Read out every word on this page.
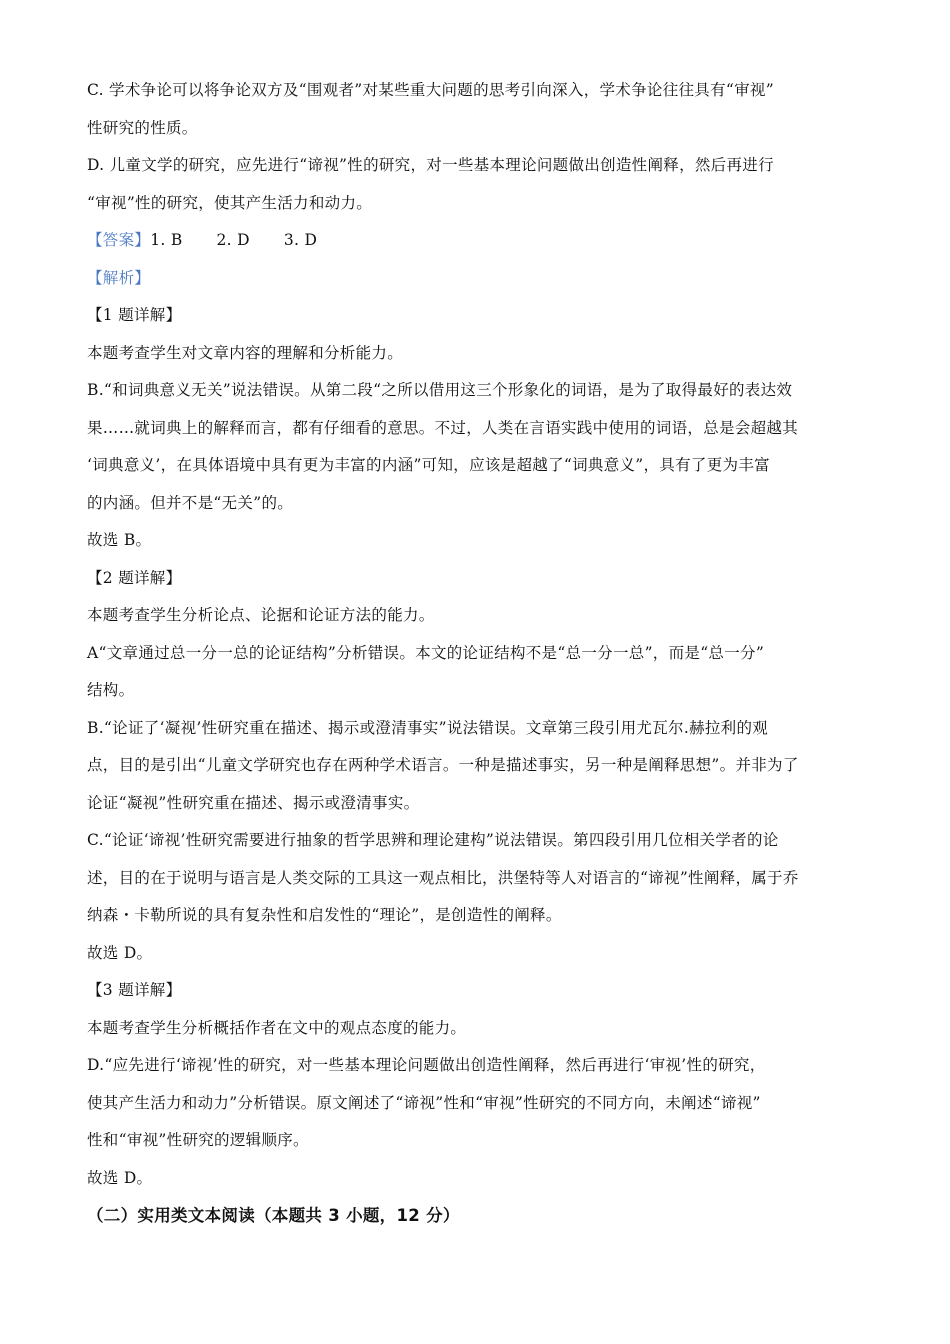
C. 学术争论可以将争论双方及“围观者”对某些重大问题的思考引向深入，学术争论往往具有“审视”
性研究的性质。
D. 儿童文学的研究，应先进行“谛视”性的研究，对一些基本理论问题做出创造性阐释，然后再进行
“审视”性的研究，使其产生活力和动力。
【答案】1. B 2. D 3. D
【解析】
【1 题详解】
本题考查学生对文章内容的理解和分析能力。
B.“和词典意义无关”说法错误。从第二段“之所以借用这三个形象化的词语，是为了取得最好的表达效
果……就词典上的解释而言，都有仔细看的意思。不过，人类在言语实践中使用的词语，总是会超越其
‘词典意义’，在具体语境中具有更为丰富的内涵”可知，应该是超越了“词典意义”，具有了更为丰富
的内涵。但并不是“无关”的。
故选 B。
【2 题详解】
本题考查学生分析论点、论据和论证方法的能力。
A“文章通过总一分一总的论证结构”分析错误。本文的论证结构不是“总一分一总”，而是“总一分”
结构。
B.“论证了‘凝视’性研究重在描述、揭示或澄清事实”说法错误。文章第三段引用尤瓦尔.赫拉利的观
点，目的是引出“儿童文学研究也存在两种学术语言。一种是描述事实，另一种是阐释思想”。并非为了
论证“凝视”性研究重在描述、揭示或澄清事实。
C.“论证‘谛视’性研究需要进行抽象的哲学思辨和理论建构”说法错误。第四段引用几位相关学者的论
述，目的在于说明与语言是人类交际的工具这一观点相比，洪堡特等人对语言的“谛视”性阐释，属于乔
纳森・卡勒所说的具有复杂性和启发性的“理论”，是创造性的阐释。
故选 D。
【3 题详解】
本题考查学生分析概括作者在文中的观点态度的能力。
D.“应先进行‘谛视’性的研究，对一些基本理论问题做出创造性阐释，然后再进行‘审视’性的研究，
使其产生活力和动力”分析错误。原文阐述了“谛视”性和“审视”性研究的不同方向，未阐述“谛视”
性和“审视”性研究的逻辑顺序。
故选 D。
（二）实用类文本阅读（本题共 3 小题，12 分）
